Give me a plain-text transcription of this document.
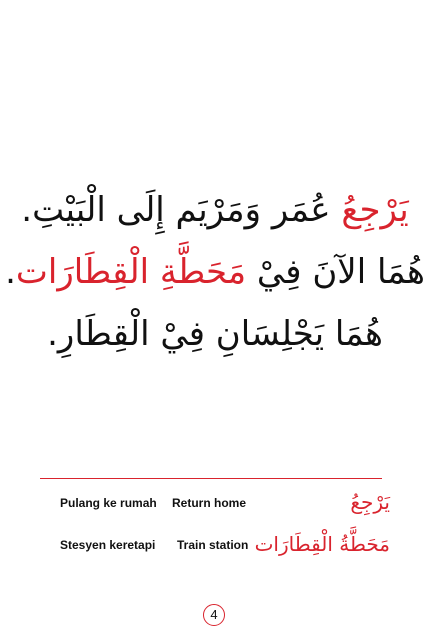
يَرْجِعُ عُمَر وَمَرْيَم إِلَى الْبَيْتِ.
هُمَا الآنَ فِيْ مَحَطَّةِ الْقِطَارَات.
هُمَا يَجْلِسَانِ فِيْ الْقِطَارِ.
Pulang ke rumah Return home	يَرْجِعُ
Stesyen keretapi Train station مَحَطَّةُ الْقِطَارَات
4
